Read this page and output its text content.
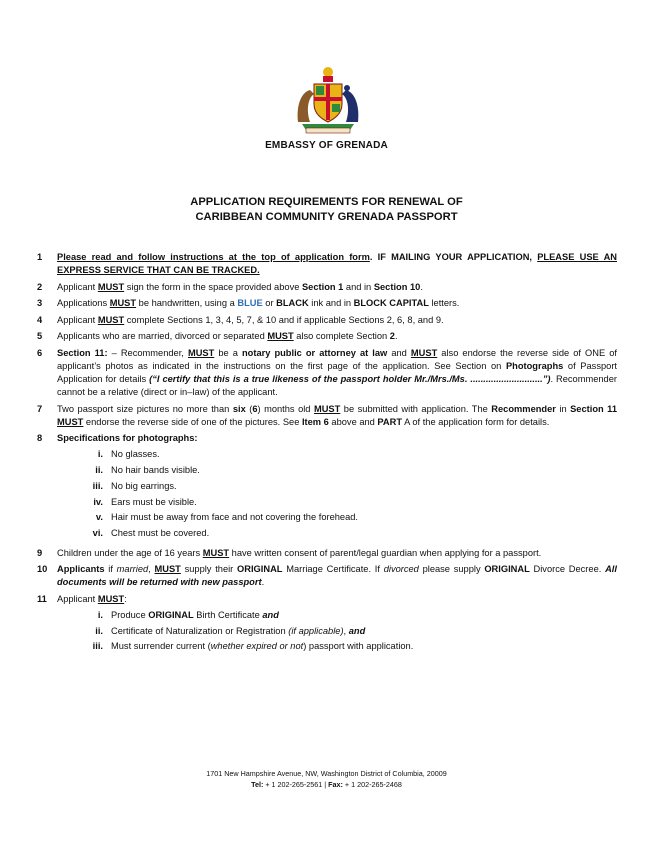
EMBASSY OF GRENADA
APPLICATION REQUIREMENTS FOR RENEWAL OF
CARIBBEAN COMMUNITY GRENADA PASSPORT
1	Please read and follow instructions at the top of application form. IF MAILING YOUR APPLICATION, PLEASE USE AN EXPRESS SERVICE THAT CAN BE TRACKED.
2	Applicant MUST sign the form in the space provided above Section 1 and in Section 10.
3	Applications MUST be handwritten, using a BLUE or BLACK ink and in BLOCK CAPITAL letters.
4	Applicant MUST complete Sections 1, 3, 4, 5, 7, & 10 and if applicable Sections 2, 6, 8, and 9.
5	Applicants who are married, divorced or separated MUST also complete Section 2.
6	Section 11: – Recommender, MUST be a notary public or attorney at law and MUST also endorse the reverse side of ONE of applicant’s photos as indicated in the instructions on the first page of the application. See Section on Photographs of Passport Application for details (“I certify that this is a true likeness of the passport holder Mr./Mrs./Ms. ............................”). Recommender cannot be a relative (direct or in–law) of the applicant.
7	Two passport size pictures no more than six (6) months old MUST be submitted with application. The Recommender in Section 11 MUST endorse the reverse side of one of the pictures. See Item 6 above and PART A of the application form for details.
8	Specifications for photographs:
i. No glasses.
ii. No hair bands visible.
iii. No big earrings.
iv. Ears must be visible.
v. Hair must be away from face and not covering the forehead.
vi. Chest must be covered.
9	Children under the age of 16 years MUST have written consent of parent/legal guardian when applying for a passport.
10	Applicants if married, MUST supply their ORIGINAL Marriage Certificate. If divorced please supply ORIGINAL Divorce Decree. All documents will be returned with new passport.
11	Applicant MUST:
i. Produce ORIGINAL Birth Certificate and
ii. Certificate of Naturalization or Registration (if applicable), and
iii. Must surrender current (whether expired or not) passport with application.
1701 New Hampshire Avenue, NW, Washington District of Columbia, 20009
Tel: + 1 202-265-2561 | Fax: + 1 202-265-2468
